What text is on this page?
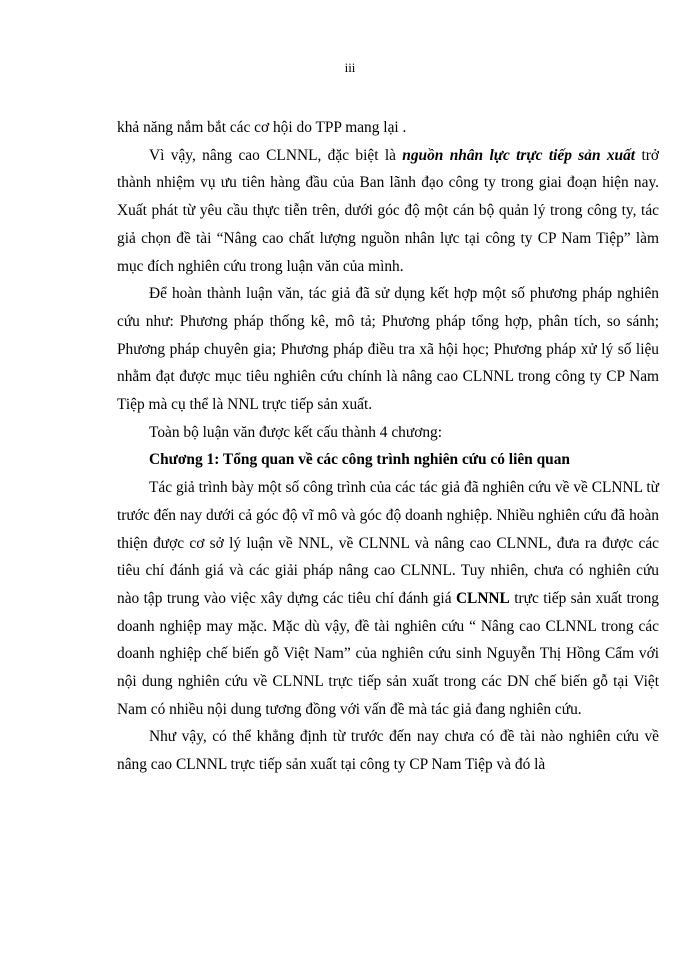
iii

khả năng nắm bắt các cơ hội do TPP mang lại .

Vì vậy, nâng cao CLNNL, đặc biệt là nguồn nhân lực trực tiếp sản xuất trở thành nhiệm vụ ưu tiên hàng đầu của Ban lãnh đạo công ty trong giai đoạn hiện nay. Xuất phát từ yêu cầu thực tiễn trên, dưới góc độ một cán bộ quản lý trong công ty, tác giả chọn đề tài “Nâng cao chất lượng nguồn nhân lực tại công ty CP Nam Tiệp” làm mục đích nghiên cứu trong luận văn của mình.

Để hoàn thành luận văn, tác giả đã sử dụng kết hợp một số phương pháp nghiên cứu như: Phương pháp thống kê, mô tả; Phương pháp tổng hợp, phân tích, so sánh; Phương pháp chuyên gia; Phương pháp điều tra xã hội học; Phương pháp xử lý số liệu nhằm đạt được mục tiêu nghiên cứu chính là nâng cao CLNNL trong công ty CP Nam Tiệp mà cụ thể là NNL trực tiếp sản xuất.

Toàn bộ luận văn được kết cấu thành 4 chương:

Chương 1: Tổng quan về các công trình nghiên cứu có liên quan

Tác giả trình bày một số công trình của các tác giả đã nghiên cứu về về CLNNL từ trước đến nay dưới cả góc độ vĩ mô và góc độ doanh nghiệp. Nhiều nghiên cứu đã hoàn thiện được cơ sở lý luận về NNL, về CLNNL và nâng cao CLNNL, đưa ra được các tiêu chí đánh giá và các giải pháp nâng cao CLNNL. Tuy nhiên, chưa có nghiên cứu nào tập trung vào việc xây dựng các tiêu chí đánh giá CLNNL trực tiếp sản xuất trong doanh nghiệp may mặc. Mặc dù vậy, đề tài nghiên cứu “ Nâng cao CLNNL trong các doanh nghiệp chế biến gỗ Việt Nam” của nghiên cứu sinh Nguyễn Thị Hồng Cẩm với nội dung nghiên cứu về CLNNL trực tiếp sản xuất trong các DN chế biến gỗ tại Việt Nam có nhiều nội dung tương đồng với vấn đề mà tác giả đang nghiên cứu.

Như vậy, có thể khẳng định từ trước đến nay chưa có đề tài nào nghiên cứu về nâng cao CLNNL trực tiếp sản xuất tại công ty CP Nam Tiệp và đó là
